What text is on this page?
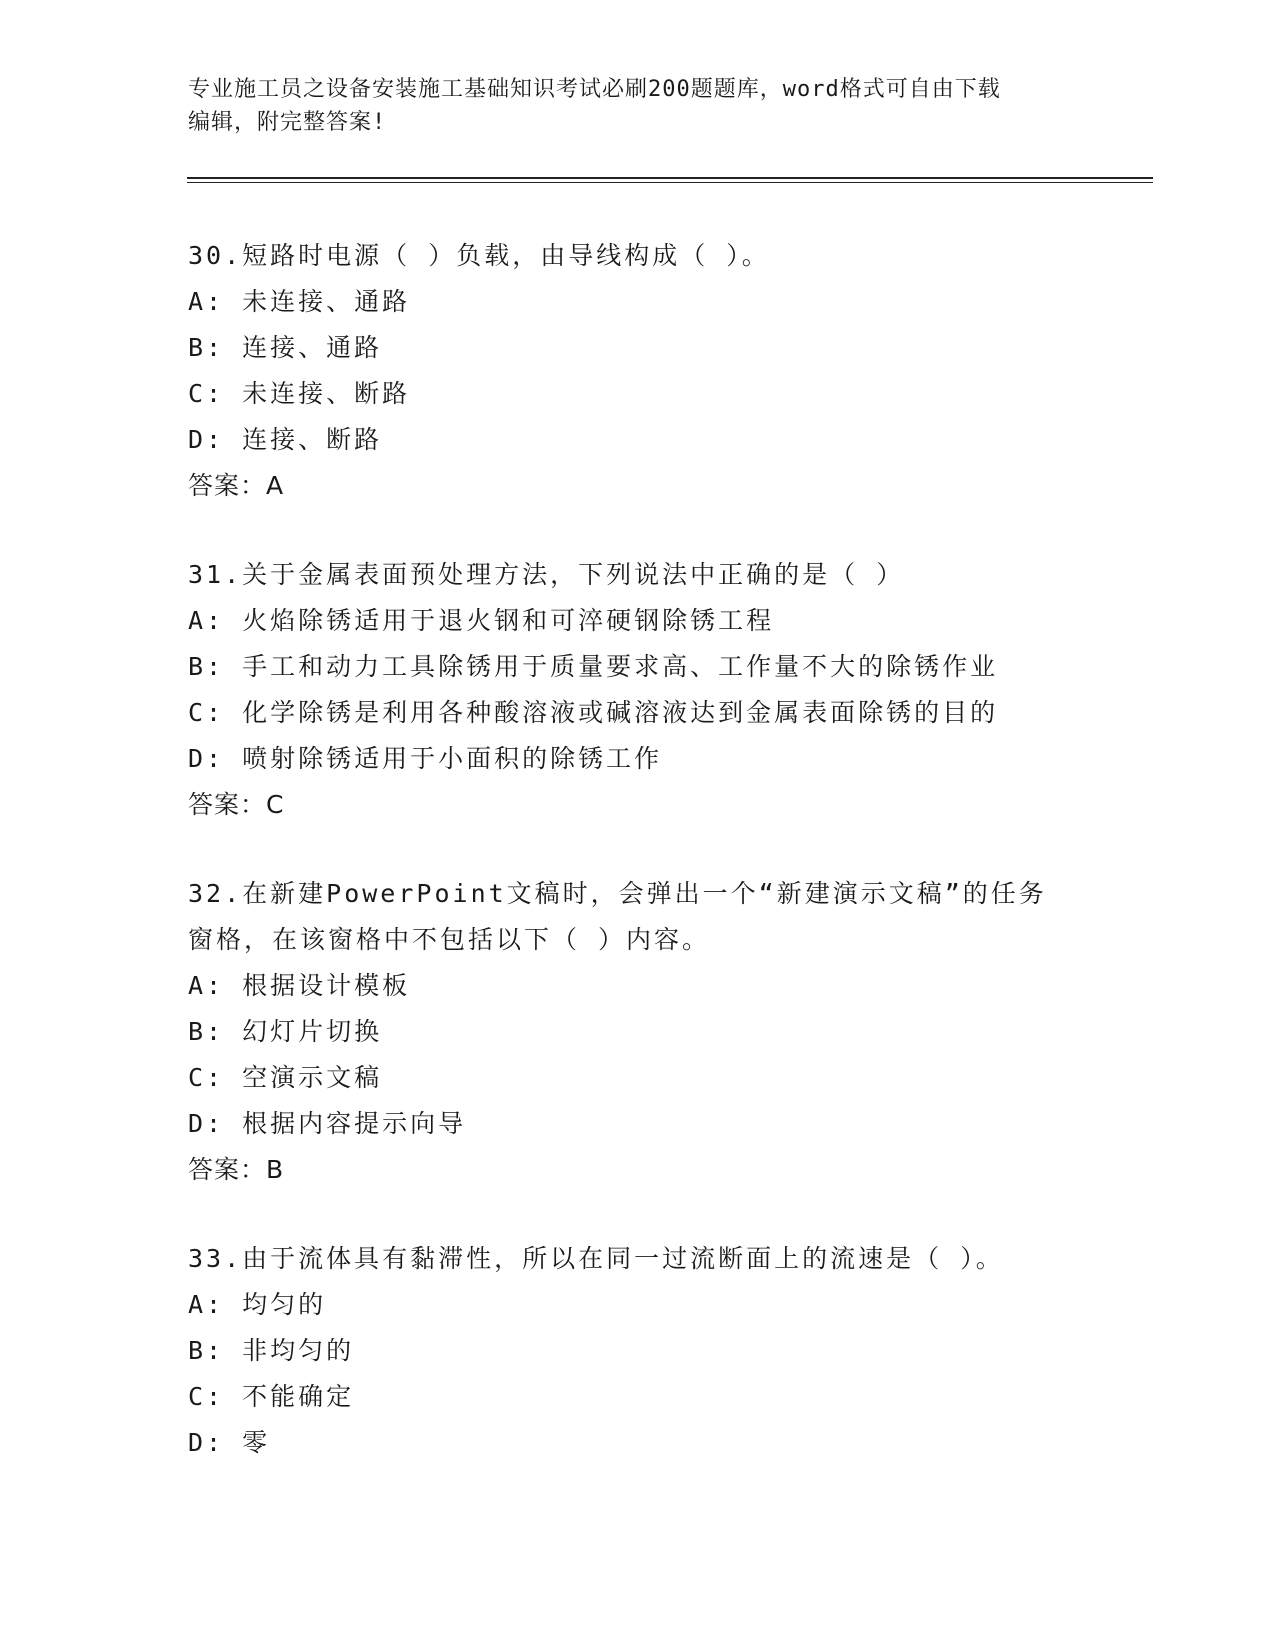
专业施工员之设备安装施工基础知识考试必刷200题题库，word格式可自由下载
编辑，附完整答案!
30.短路时电源（ ）负载，由导线构成（ ）。
A: 未连接、通路
B: 连接、通路
C: 未连接、断路
D: 连接、断路
答案：A
31.关于金属表面预处理方法，下列说法中正确的是（ ）
A: 火焰除锈适用于退火钢和可淬硬钢除锈工程
B: 手工和动力工具除锈用于质量要求高、工作量不大的除锈作业
C: 化学除锈是利用各种酸溶液或碱溶液达到金属表面除锈的目的
D: 喷射除锈适用于小面积的除锈工作
答案：C
32.在新建PowerPoint文稿时，会弹出一个“新建演示文稿”的任务
窗格，在该窗格中不包括以下（ ）内容。
A: 根据设计模板
B: 幻灯片切换
C: 空演示文稿
D: 根据内容提示向导
答案：B
33.由于流体具有黏滞性，所以在同一过流断面上的流速是（ ）。
A: 均匀的
B: 非均匀的
C: 不能确定
D: 零
